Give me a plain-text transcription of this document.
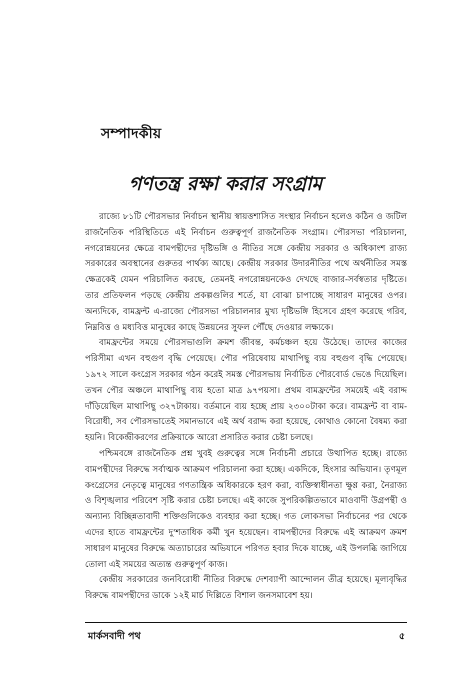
সম্পাদকীয়
গণতন্ত্র রক্ষা করার সংগ্রাম

রাজ্যে ৮১টি পৌরসভার নির্বাচন স্থানীয় স্বায়ত্তশাসিত সংস্থার নির্বাচন হলেও কঠিন ও জটিল রাজনৈতিক পরিস্থিতিতে এই নির্বাচন গুরুত্বপূর্ণ রাজনৈতিক সংগ্রাম। পৌরসভা পরিচালনা, নগরোন্নয়নের ক্ষেত্রে বামপন্থীদের দৃষ্টিভঙ্গি ও নীতির সঙ্গে কেন্দ্রীয় সরকার ও অধিকাংশ রাজ্য সরকারের অবস্থানের গুরুতর পার্থক্য আছে। কেন্দ্রীয় সরকার উদারনীতির পথে অর্থনীতির সমস্ত ক্ষেত্রকেই যেমন পরিচালিত করছে, তেমনই নগরোন্নয়নকেও দেখছে বাজার-সর্বস্বতার দৃষ্টিতে। তার প্রতিফলন পড়ছে কেন্দ্রীয় প্রকল্পগুলির শর্তে, যা বোঝা চাপাচ্ছে সাধারণ মানুষের ওপর। অন্যদিকে, বামফ্রন্ট এ-রাজ্যে পৌরসভা পরিচালনার মুখ্য দৃষ্টিভঙ্গি হিসেবে গ্রহণ করেছে গরিব, নিম্নবিত্ত ও মধ্যবিত্ত মানুষের কাছে উন্নয়নের সুফল পৌঁছে দেওয়ার লক্ষ্যকে।

বামফ্রন্টের সময়ে পৌরসভাগুলি ক্রমশ জীবন্ত, কর্মচঞ্চল হয়ে উঠেছে। তাদের কাজের পরিসীমা এখন বহুগুণ বৃদ্ধি পেয়েছে। পৌর পরিষেবায় মাথাপিছু ব্যয় বহুগুণ বৃদ্ধি পেয়েছে। ১৯৭২ সালে কংগ্রেস সরকার গঠন করেই সমস্ত পৌরসভায় নির্বাচিত পৌরবোর্ড ভেঙে দিয়েছিল। তখন পৌর অঞ্চলে মাথাপিছু ব্যয় হতো মাত্র ৯৭পয়সা। প্রথম বামফ্রন্টের সময়েই এই বরাদ্দ দাঁড়িয়েছিল মাথাপিছু ৩২৭টাকায়। বর্তমানে ব্যয় হচ্ছে প্রায় ২৩০০টাকা করে। বামফ্রন্ট বা বাম-বিরোধী, সব পৌরসভাতেই সমানভাবে এই অর্থ বরাদ্দ করা হয়েছে, কোথাও কোনো বৈষম্য করা হয়নি। বিকেন্দ্রীকরণের প্রক্রিয়াকে আরো প্রসারিত করার চেষ্টা চলছে।

পশ্চিমবঙ্গে রাজনৈতিক প্রশ্ন খুবই গুরুত্বের সঙ্গে নির্বাচনী প্রচারে উত্থাপিত হচ্ছে। রাজ্যে বামপন্থীদের বিরুদ্ধে সর্বাত্মক আক্রমণ পরিচালনা করা হচ্ছে। একদিকে, হিংসার অভিযান। তৃণমূল কংগ্রেসের নেতৃত্বে মানুষের গণতান্ত্রিক অধিকারকে হরণ করা, ব্যক্তিস্বাধীনতা ক্ষুণ্ণ করা, নৈরাজ্য ও বিশৃঙ্খলার পরিবেশ সৃষ্টি করার চেষ্টা চলছে। এই কাজে সুপরিকল্পিতভাবে মাওবাদী উগ্রপন্থী ও অন্যান্য বিচ্ছিন্নতাবাদী শক্তিগুলিকেও ব্যবহার করা হচ্ছে। গত লোকসভা নির্বাচনের পর থেকে এদের হাতে বামফ্রন্টের দু'শতাধিক কর্মী খুন হয়েছেন। বামপন্থীদের বিরুদ্ধে এই আক্রমণ ক্রমশ সাধারণ মানুষের বিরুদ্ধে অত্যাচারের অভিযানে পরিণত হবার দিকে যাচ্ছে, এই উপলব্ধি জাগিয়ে তোলা এই সময়ের অত্যন্ত গুরুত্বপূর্ণ কাজ।

কেন্দ্রীয় সরকারের জনবিরোধী নীতির বিরুদ্ধে দেশব্যাপী আন্দোলন তীব্র হয়েছে। মূল্যবৃদ্ধির বিরুদ্ধে বামপন্থীদের ডাকে ১২ই মার্চ দিল্লিতে বিশাল জনসমাবেশ হয়।

মার্কসবাদী পথ	৫
